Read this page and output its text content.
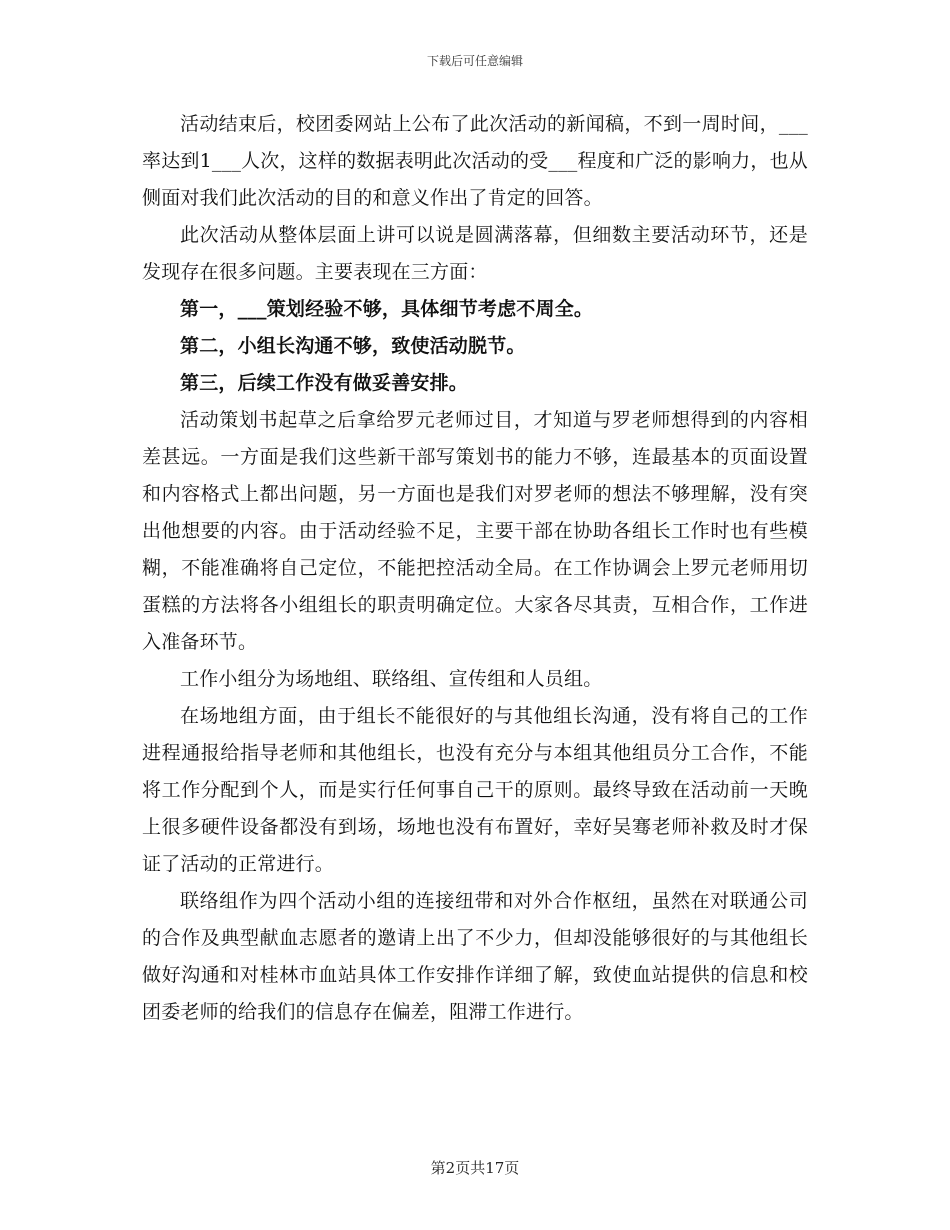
下载后可任意编辑

活动结束后，校团委网站上公布了此次活动的新闻稿，不到一周时间，___率达到1___人次，这样的数据表明此次活动的受___程度和广泛的影响力，也从侧面对我们此次活动的目的和意义作出了肯定的回答。

此次活动从整体层面上讲可以说是圆满落幕，但细数主要活动环节，还是发现存在很多问题。主要表现在三方面：

第一，___策划经验不够，具体细节考虑不周全。

第二，小组长沟通不够，致使活动脱节。

第三，后续工作没有做妥善安排。

活动策划书起草之后拿给罗元老师过目，才知道与罗老师想得到的内容相差甚远。一方面是我们这些新干部写策划书的能力不够，连最基本的页面设置和内容格式上都出问题，另一方面也是我们对罗老师的想法不够理解，没有突出他想要的内容。由于活动经验不足，主要干部在协助各组长工作时也有些模糊，不能准确将自己定位，不能把控活动全局。在工作协调会上罗元老师用切蛋糕的方法将各小组组长的职责明确定位。大家各尽其责，互相合作，工作进入准备环节。

工作小组分为场地组、联络组、宣传组和人员组。

在场地组方面，由于组长不能很好的与其他组长沟通，没有将自己的工作进程通报给指导老师和其他组长，也没有充分与本组其他组员分工合作，不能将工作分配到个人，而是实行任何事自己干的原则。最终导致在活动前一天晚上很多硬件设备都没有到场，场地也没有布置好，幸好吴骞老师补救及时才保证了活动的正常进行。

联络组作为四个活动小组的连接纽带和对外合作枢纽，虽然在对联通公司的合作及典型献血志愿者的邀请上出了不少力，但却没能够很好的与其他组长做好沟通和对桂林市血站具体工作安排作详细了解，致使血站提供的信息和校团委老师的给我们的信息存在偏差，阻滞工作进行。

第2页共17页
